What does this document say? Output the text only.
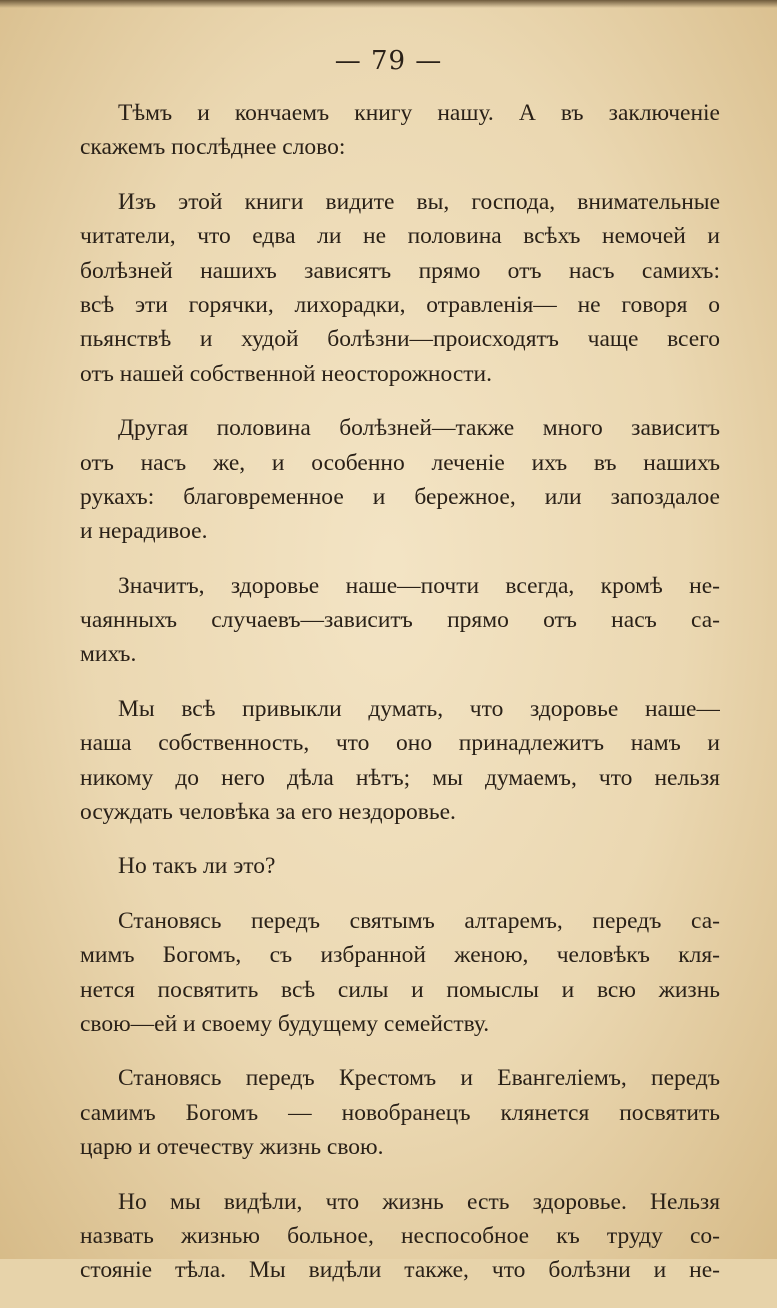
— 79 —
Тѣмъ и кончаемъ книгу нашу. А въ заключеніе
скажемъ послѣднее слово:
Изъ этой книги видите вы, господа, внимательные
читатели, что едва ли не половина всѣхъ немочей и
болѣзней нашихъ зависятъ прямо отъ насъ самихъ:
всѣ эти горячки, лихорадки, отравленія— не говоря о
пьянствѣ и худой болѣзни—происходятъ чаще всего
отъ нашей собственной неосторожности.
Другая половина болѣзней—также много зависитъ
отъ насъ же, и особенно леченіе ихъ въ нашихъ
рукахъ: благовременное и бережное, или запоздалое
и нерадивое.
Значитъ, здоровье наше—почти всегда, кромѣ не-
чаянныхъ случаевъ—зависитъ прямо отъ насъ са-
михъ.
Мы всѣ привыкли думать, что здоровье наше—
наша собственность, что оно принадлежитъ намъ и
никому до него дѣла нѣтъ; мы думаемъ, что нельзя
осуждать человѣка за его нездоровье.
Но такъ ли это?
Становясь передъ святымъ алтаремъ, передъ са-
мимъ Богомъ, съ избранной женою, человѣкъ кля-
нется посвятить всѣ силы и помыслы и всю жизнь
свою—ей и своему будущему семейству.
Становясь передъ Крестомъ и Евангеліемъ, передъ
самимъ Богомъ — новобранецъ клянется посвятить
царю и отечеству жизнь свою.
Но мы видѣли, что жизнь есть здоровье. Нельзя
назвать жизнью больное, неспособное къ труду со-
стояніе тѣла. Мы видѣли также, что болѣзни и не-
